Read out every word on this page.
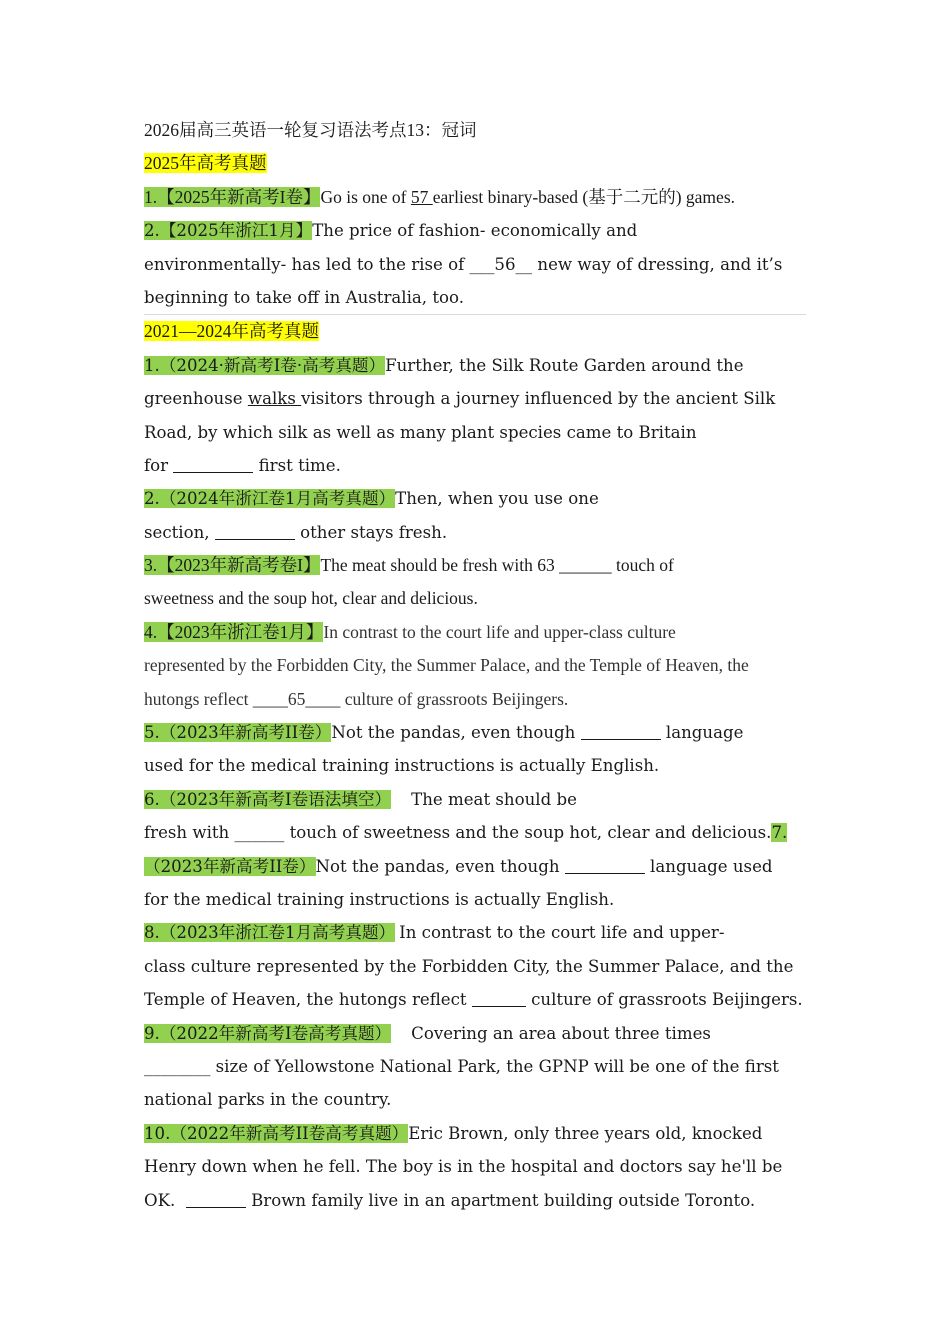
2026届高三英语一轮复习语法考点13：冠词
2025年高考真题
1.【2025年新高考I卷】Go is one of 57 earliest binary-based (基于二元的) games.
2.【2025年浙江1月】The price of fashion- economically and
environmentally- has led to the rise of ___56__ new way of dressing, and it’s
beginning to take off in Australia, too.
2021—2024年高考真题
1.（2024·新高考I卷·高考真题）Further, the Silk Route Garden around the
greenhouse walks visitors through a journey influenced by the ancient Silk
Road, by which silk as well as many plant species came to Britain
for	first time.
2.（2024年浙江卷1月高考真题）Then, when you use one
section,	other stays fresh.
3.【2023年新高考卷I】The meat should be fresh with 63 ______ touch of
sweetness and the soup hot, clear and delicious.
4.【2023年浙江卷1月】In contrast to the court life and upper-class culture
represented by the Forbidden City, the Summer Palace, and the Temple of Heaven, the
hutongs reflect ____65____ culture of grassroots Beijingers.
5.（2023年新高考II卷）Not the pandas, even though	language
used for the medical training instructions is actually English.
6.（2023年新高考I卷语法填空） The meat should be
fresh with ______ touch of sweetness and the soup hot, clear and delicious.7.
（2023年新高考II卷）Not the pandas, even though	language used
for the medical training instructions is actually English.
8.（2023年浙江卷1月高考真题） In contrast to the court life and upper-
class culture represented by the Forbidden City, the Summer Palace, and the
Temple of Heaven, the hutongs reflect	culture of grassroots Beijingers.
9.（2022年新高考I卷高考真题） Covering an area about three times
________ size of Yellowstone National Park, the GPNP will be one of the first
national parks in the country.
10.（2022年新高考II卷高考真题）Eric Brown, only three years old, knocked
Henry down when he fell. The boy is in the hospital and doctors say he'll be
OK.	Brown family live in an apartment building outside Toronto.
